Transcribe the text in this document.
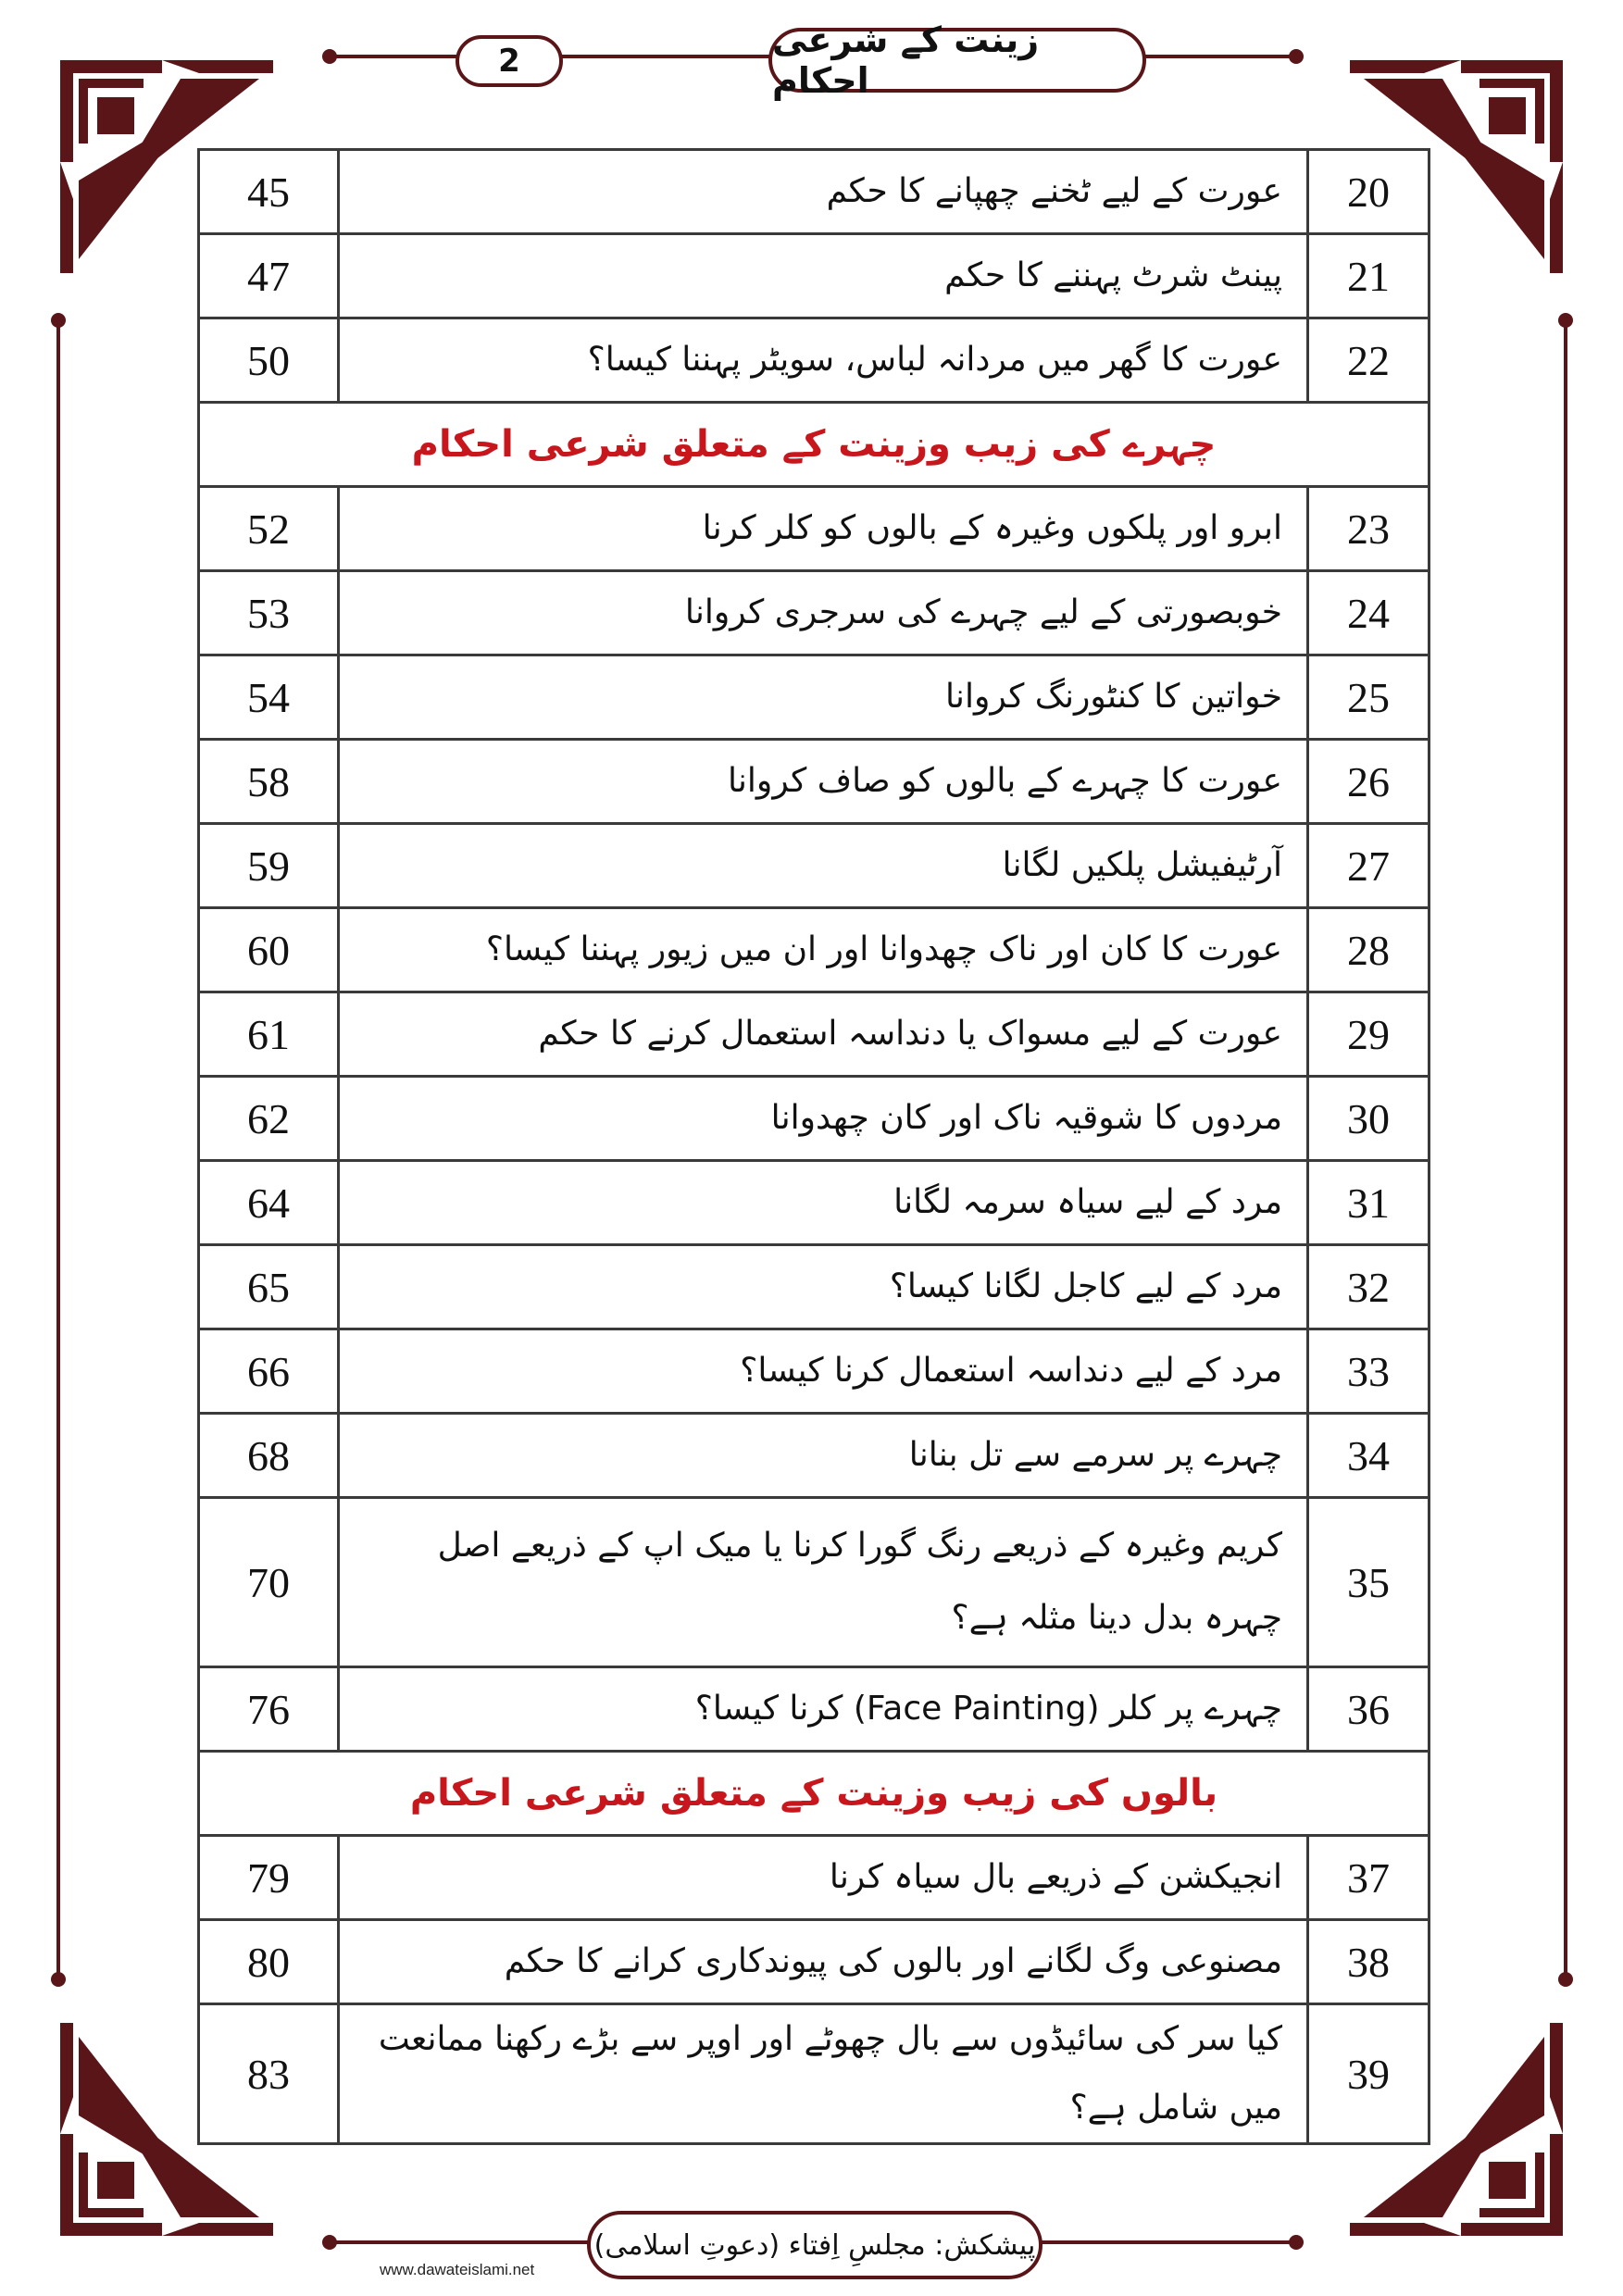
2
زینت کے شرعی احکام
45	عورت کے لیے ٹخنے چھپانے کا حکم	20
47	پینٹ شرٹ پہننے کا حکم	21
50	عورت کا گھر میں مردانہ لباس، سویٹر پہننا کیسا؟	22
چہرے کی زیب وزینت کے متعلق شرعی احکام		
52	ابرو اور پلکوں وغیرہ کے بالوں کو کلر کرنا	23
53	خوبصورتی کے لیے چہرے کی سرجری کروانا	24
54	خواتین کا کنٹورنگ کروانا	25
58	عورت کا چہرے کے بالوں کو صاف کروانا	26
59	آرٹیفیشل پلکیں لگانا	27
60	عورت کا کان اور ناک چھدوانا اور ان میں زیور پہننا کیسا؟	28
61	عورت کے لیے مسواک یا دنداسہ استعمال کرنے کا حکم	29
62	مردوں کا شوقیہ ناک اور کان چھدوانا	30
64	مرد کے لیے سیاہ سرمہ لگانا	31
65	مرد کے لیے کاجل لگانا کیسا؟	32
66	مرد کے لیے دنداسہ استعمال کرنا کیسا؟	33
68	چہرے پر سرمے سے تل بنانا	34
70	کریم وغیرہ کے ذریعے رنگ گورا کرنا یا میک اپ کے ذریعے اصل چہرہ بدل دینا مثلہ ہے؟	35
76	چہرے پر کلر (Face Painting) کرنا کیسا؟	36
بالوں کی زیب وزینت کے متعلق شرعی احکام		
79	انجیکشن کے ذریعے بال سیاہ کرنا	37
80	مصنوعی وگ لگانے اور بالوں کی پیوندکاری کرانے کا حکم	38
83	کیا سر کی سائیڈوں سے بال چھوٹے اور اوپر سے بڑے رکھنا ممانعت میں شامل ہے؟	39
پیشکش: مجلسِ اِفتاء (دعوتِ اسلامی)
www.dawateislami.net
